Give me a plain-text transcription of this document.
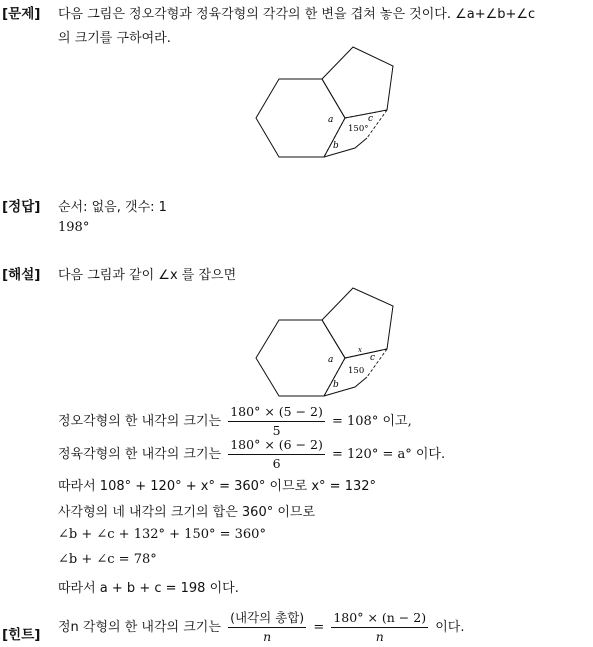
[문제] 다음 그림은 정오각형과 정육각형의 각각의 한 변을 겹쳐 놓은 것이다. ∠a+∠b+∠c
의 크기를 구하여라.
a	c
150°
b
[정답] 순서: 없음, 갯수: 1
198°
[해설] 다음 그림과 같이 ∠x 를 잡으면
a
x
c
150
b
정오각형의 한 내각의 크기는 $\frac{180^\circ \times (5 - 2)}{5} = 108^\circ$ 이고,
정육각형의 한 내각의 크기는 $\frac{180^\circ \times (6 - 2)}{6} = 120^\circ = a^\circ$ 이다.
따라서 108° + 120° + x° = 360° 이므로 x° = 132°
사각형의 네 내각의 크기의 합은 360° 이므로
∠b + ∠c + 132° + 150° = 360°
∠b + ∠c = 78°
따라서 a + b + c = 198 이다.
[힌트] 정n 각형의 한 내각의 크기는 $\frac{\text{(내각의 총합)}}{n} = \frac{180^\circ \times (n - 2)}{n}$ 이다.
